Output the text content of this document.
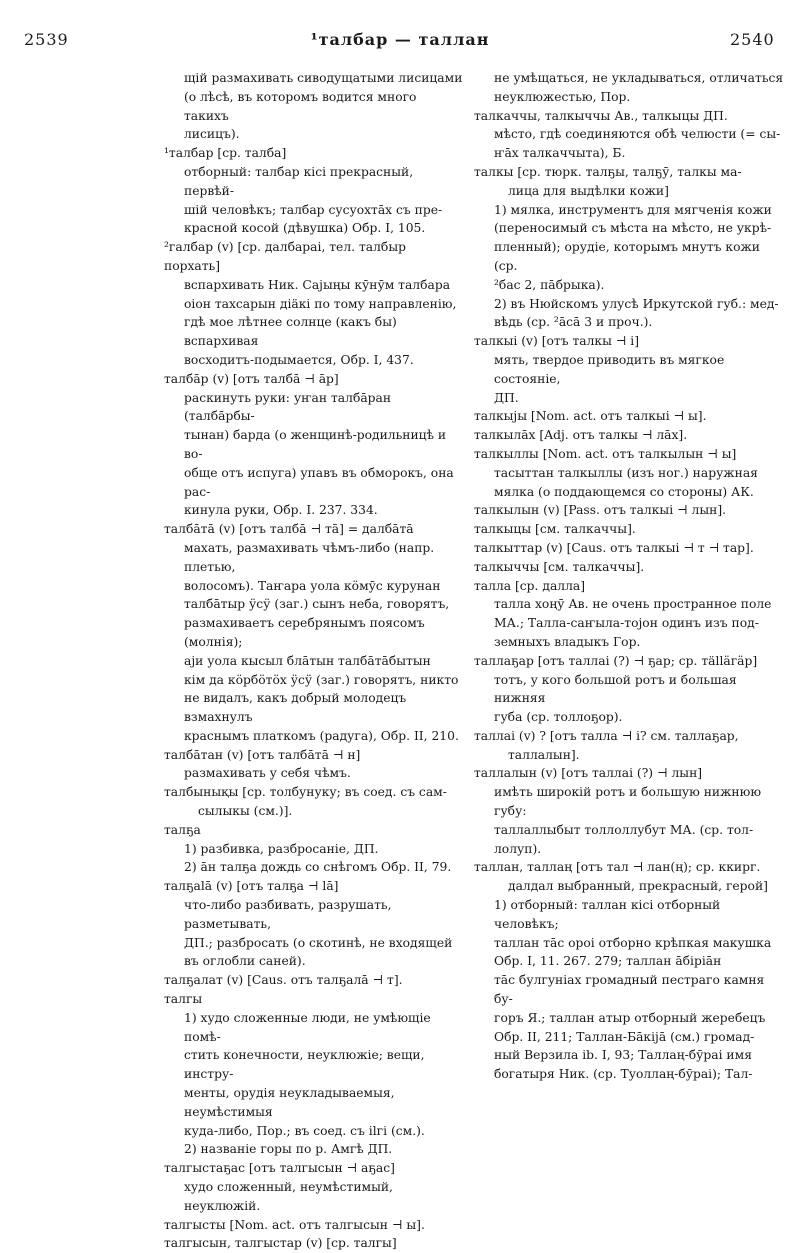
2539	¹талбар — таллан	2540

щій размахивать сиводущатыми лисицами

(о лѣсѣ, въ которомъ водится много такихъ

лисицъ).

¹талбар [ср. талба]

отборный: талбар кісі прекрасный, первѣй-

шій человѣкъ; талбар сусуохтāх съ пре-

красной косой (дѣвушка) Обр. I, 105.

²галбар (v) [ср. далбараі, тел. талбыр порхать]

вспархивать Ник. Сајыңы кӯнӯм талбара

оіон тахсарын дiäкi по тому направленію,

гдѣ мое лѣтнее солнце (какъ бы) вспархивая

восходитъ-подымается, Обр. I, 437.

талбāр (v) [отъ талбā ⊣ āр]

раскинуть руки: уҥан талбāран (талбāрбы-

тынан) барда (о женщинѣ-родильницѣ и во-

обще отъ испуга) упавъ въ обморокъ, она рас-

кинула руки, Обр. I. 237. 334.

талбāтā (v) [отъ талбā ⊣ тā] = далбāтā

махать, размахивать чѣмъ-либо (напр. плетью,

волосомъ). Таҥара уола кӧмӯс курунан

талбāтыр ӱсӱ (заг.) сынъ неба, говорятъ,

размахиваетъ серебрянымъ поясомъ (молнія);

аји уола кысыл блāтын талбāтāбытын

кім да кӧрбӧтӧх ӱсӱ (заг.) говорятъ, никто

не видалъ, какъ добрый молодецъ взмахнулъ

краснымъ платкомъ (радуга), Обр. II, 210.

талбāтан (v) [отъ талбāтā ⊣ н]

размахивать у себя чѣмъ.

талбынықы [ср. толбунуку; въ соед. съ сам-

сылыкы (см.)].

талҕа

1) разбивка, разбросаніе, ДП.

2) āн талҕа дождь со снѣгомъ Обр. II, 79.

талҕаlā (v) [отъ талҕа ⊣ lā]

что-либо разбивать, разрушать, разметывать,

ДП.; разбросать (о скотинѣ, не входящей

въ оглобли саней).

талҕалат (v) [Caus. отъ талҕалā ⊣ т].

талгы

1) худо сложенные люди, не умѣющіе помѣ-

стить конечности, неуклюжіе; вещи, инстру-

менты, орудія неукладываемыя, неумѣстимыя

куда-либо, Пор.; въ соед. съ ilгi (см.).

2) названіе горы по р. Амгѣ ДП.

талгыстаҕас [отъ талгысын ⊣ аҕас]

худо сложенный, неумѣстимый, неуклюжій.

талгысты [Nom. act. отъ талгысын ⊣ ы].

талгысын, талгыстар (v) [ср. талгы]

не умѣщаться, не укладываться, отличаться

неуклюжестью, Пор.

талкаччы, талкыччы Ав., талкыцы ДП.

мѣсто, гдѣ соединяются обѣ челюсти (= сы-

ҥāх талкаччыта), Б.

талкы [ср. тюрк. талҕы, талҕӯ, талкы ма-

лица для выдѣлки кожи]

1) мялка, инструментъ для мягченія кожи

(переносимый съ мѣста на мѣсто, не укрѣ-

пленный); орудіе, которымъ мнутъ кожи (ср.

²бас 2, пāбрыка).

2) въ Нюйскомъ улусѣ Иркутской губ.: мед-

вѣдь (ср. ²āсā 3 и проч.).

талкыі (v) [отъ талкы ⊣ і]

мять, твердое приводить въ мягкое состояніе,

ДП.

талкыјы [Nom. act. отъ талкыі ⊣ ы].

талкылāх [Adj. отъ талкы ⊣ лāх].

талкыллы [Nom. act. отъ талкылын ⊣ ы]

тасыттан талкыллы (изъ ног.) наружная

мялка (о поддающемся со стороны) АК.

талкылын (v) [Pass. отъ талкыі ⊣ лын].

талкыцы [см. талкаччы].

талкыттар (v) [Caus. отъ талкыі ⊣ т ⊣ тар].

талкыччы [см. талкаччы].

талла [ср. далла]

талла хоңӯ Ав. не очень пространное поле

МА.; Талла-саҥыла-тојон одинъ изъ под-

земныхъ владыкъ Гор.

таллаҕар [отъ таллаі (?) ⊣ ҕар; ср. тällӓгӓр]

тотъ, у кого большой ротъ и большая нижняя

губа (ср. толлоҕор).

таллаі (v) ? [отъ талла ⊣ і? см. таллаҕар,

таллалын].

таллалын (v) [отъ таллаі (?) ⊣ лын]

имѣть широкій ротъ и большую нижнюю губу:

таллаллыбыт толлоллубут МА. (ср. тол-

лолуп).

таллан, таллаң [отъ тал ⊣ лан(ң); ср. ккирг.

далдал выбранный, прекрасный, герой]

1) отборный: таллан кісі отборный человѣкъ;

таллан тāс ороі отборно крѣпкая макушка

Обр. I, 11. 267. 279; таллан āбірiāн

тāс булгуніах громадный пестраго камня бу-

горъ Я.; таллан атыр отборный жеребецъ

Обр. II, 211; Таллан-Бāкijā (см.) громад-

ный Верзила ib. I, 93; Таллаң-бӯраі имя

богатыря Ник. (ср. Туоллаң-бӯраі); Тал-
